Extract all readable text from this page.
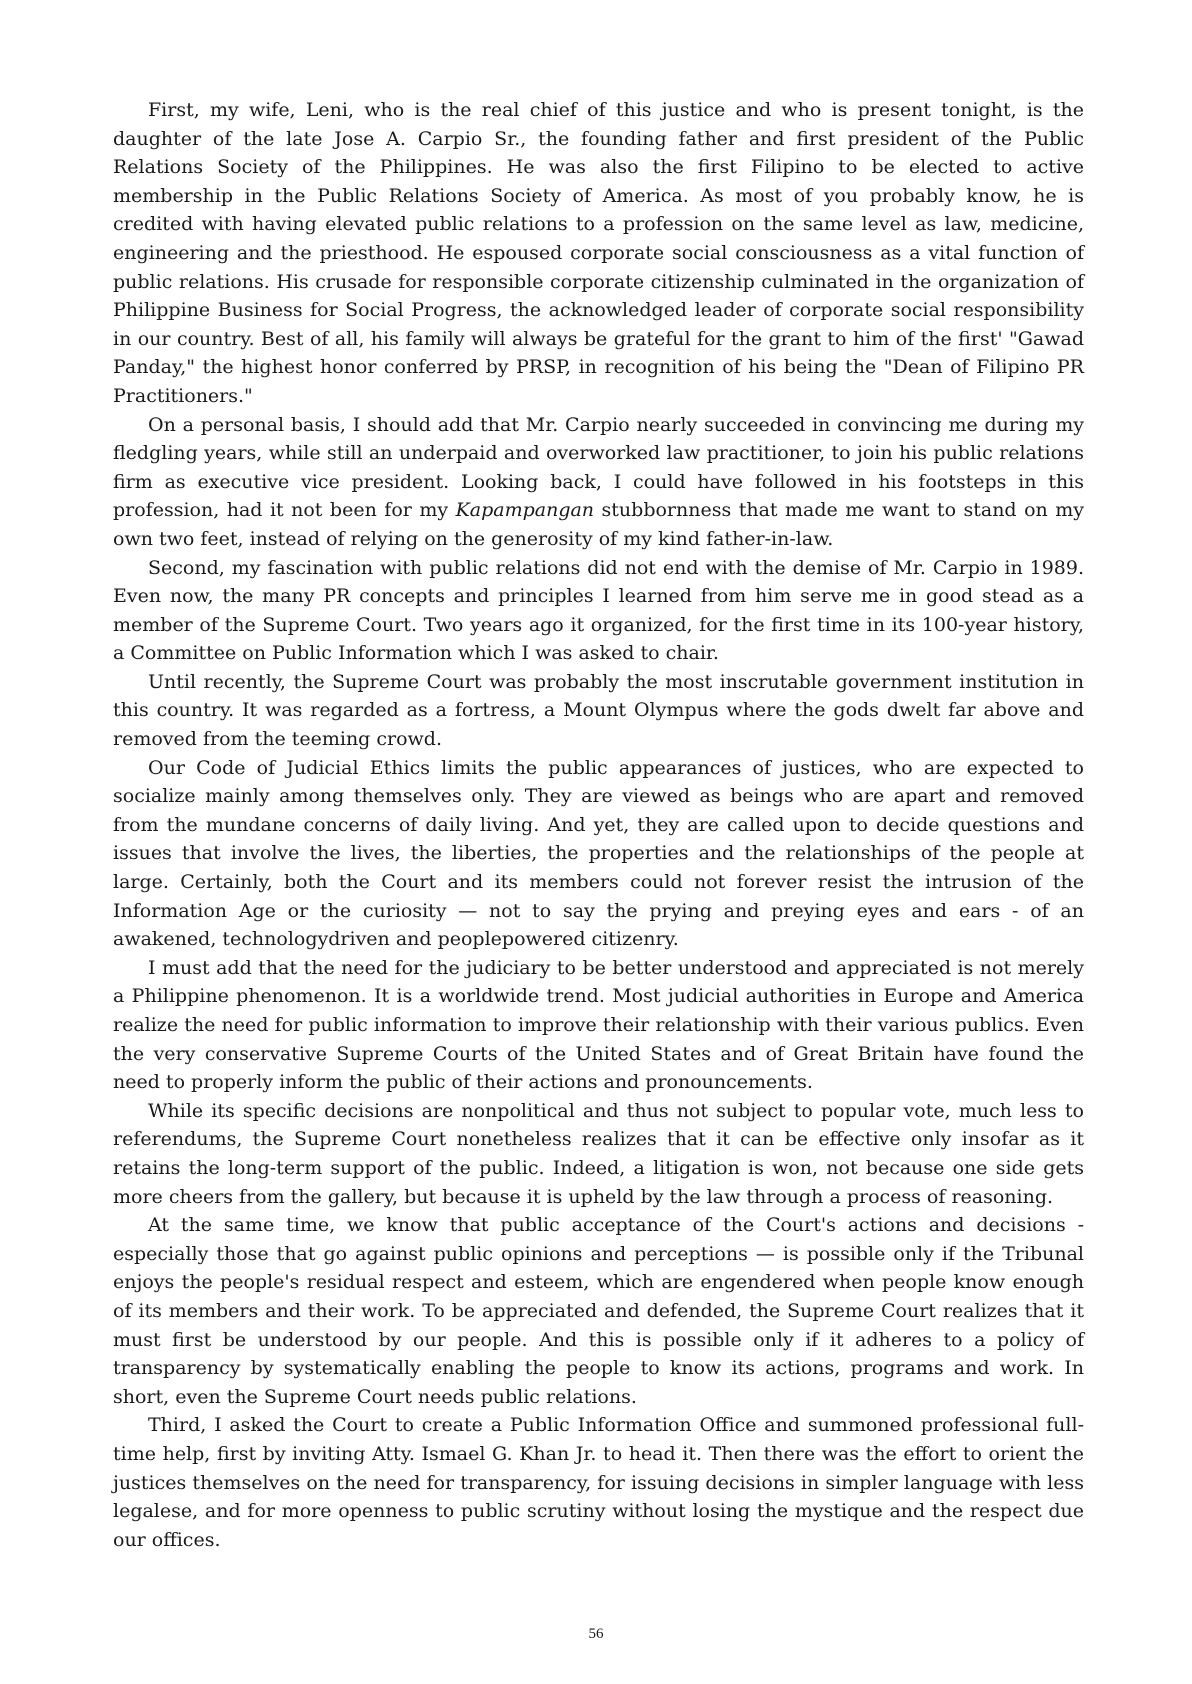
First, my wife, Leni, who is the real chief of this justice and who is present tonight, is the daughter of the late Jose A. Carpio Sr., the founding father and first president of the Public Relations Society of the Philippines. He was also the first Filipino to be elected to active membership in the Public Relations Society of America. As most of you probably know, he is credited with having elevated public relations to a profession on the same level as law, medicine, engineering and the priesthood. He espoused corporate social consciousness as a vital function of public relations. His crusade for responsible corporate citizenship culminated in the organization of Philippine Business for Social Progress, the acknowledged leader of corporate social responsibility in our country. Best of all, his family will always be grateful for the grant to him of the first' "Gawad Panday," the highest honor conferred by PRSP, in recognition of his being the "Dean of Filipino PR Practitioners."

On a personal basis, I should add that Mr. Carpio nearly succeeded in convincing me during my fledgling years, while still an underpaid and overworked law practitioner, to join his public relations firm as executive vice president. Looking back, I could have followed in his footsteps in this profession, had it not been for my Kapampangan stubbornness that made me want to stand on my own two feet, instead of relying on the generosity of my kind father-in-law.

Second, my fascination with public relations did not end with the demise of Mr. Carpio in 1989. Even now, the many PR concepts and principles I learned from him serve me in good stead as a member of the Supreme Court. Two years ago it organized, for the first time in its 100-year history, a Committee on Public Information which I was asked to chair.

Until recently, the Supreme Court was probably the most inscrutable government institution in this country. It was regarded as a fortress, a Mount Olympus where the gods dwelt far above and removed from the teeming crowd.

Our Code of Judicial Ethics limits the public appearances of justices, who are expected to socialize mainly among themselves only. They are viewed as beings who are apart and removed from the mundane concerns of daily living. And yet, they are called upon to decide questions and issues that involve the lives, the liberties, the properties and the relationships of the people at large. Certainly, both the Court and its members could not forever resist the intrusion of the Information Age or the curiosity — not to say the prying and preying eyes and ears - of an awakened, technologydriven and peoplepowered citizenry.

I must add that the need for the judiciary to be better understood and appreciated is not merely a Philippine phenomenon. It is a worldwide trend. Most judicial authorities in Europe and America realize the need for public information to improve their relationship with their various publics. Even the very conservative Supreme Courts of the United States and of Great Britain have found the need to properly inform the public of their actions and pronouncements.

While its specific decisions are nonpolitical and thus not subject to popular vote, much less to referendums, the Supreme Court nonetheless realizes that it can be effective only insofar as it retains the long-term support of the public. Indeed, a litigation is won, not because one side gets more cheers from the gallery, but because it is upheld by the law through a process of reasoning.

At the same time, we know that public acceptance of the Court's actions and decisions - especially those that go against public opinions and perceptions — is possible only if the Tribunal enjoys the people's residual respect and esteem, which are engendered when people know enough of its members and their work. To be appreciated and defended, the Supreme Court realizes that it must first be understood by our people. And this is possible only if it adheres to a policy of transparency by systematically enabling the people to know its actions, programs and work. In short, even the Supreme Court needs public relations.

Third, I asked the Court to create a Public Information Office and summoned professional full-time help, first by inviting Atty. Ismael G. Khan Jr. to head it. Then there was the effort to orient the justices themselves on the need for transparency, for issuing decisions in simpler language with less legalese, and for more openness to public scrutiny without losing the mystique and the respect due our offices.

56
